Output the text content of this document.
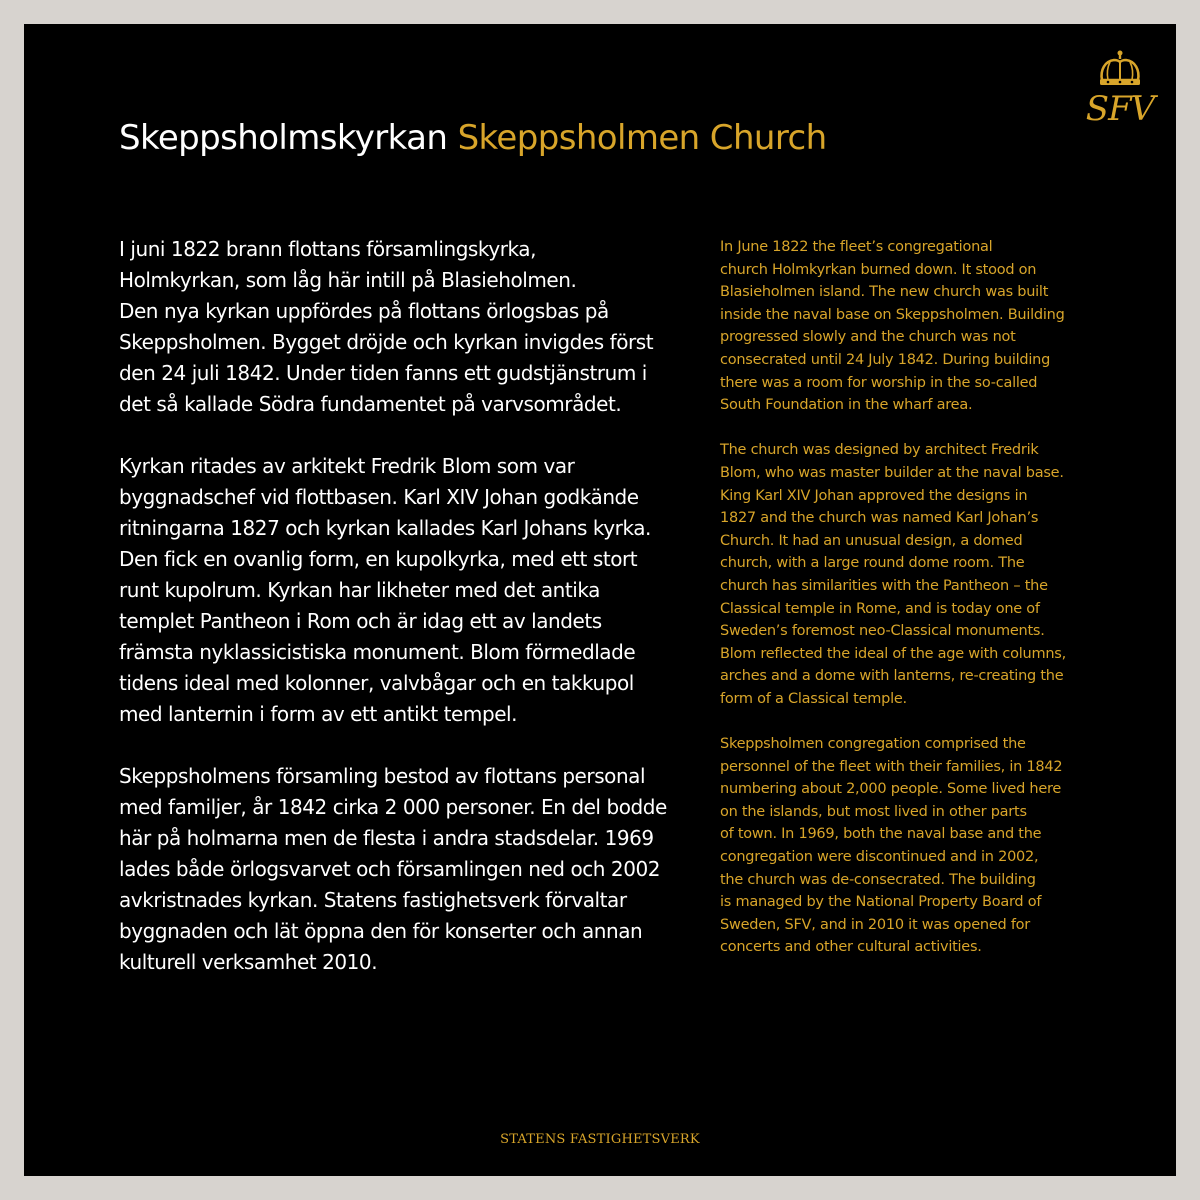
SFV
Skeppsholmskyrkan Skeppsholmen Church

I juni 1822 brann flottans församlingskyrka,
Holmkyrkan, som låg här intill på Blasieholmen.
Den nya kyrkan uppfördes på flottans örlogsbas på
Skeppsholmen. Bygget dröjde och kyrkan invigdes först
den 24 juli 1842. Under tiden fanns ett gudstjänstrum i
det så kallade Södra fundamentet på varvsområdet.

Kyrkan ritades av arkitekt Fredrik Blom som var
byggnadschef vid flottbasen. Karl XIV Johan godkände
ritningarna 1827 och kyrkan kallades Karl Johans kyrka.
Den fick en ovanlig form, en kupolkyrka, med ett stort
runt kupolrum. Kyrkan har likheter med det antika
templet Pantheon i Rom och är idag ett av landets
främsta nyklassicistiska monument. Blom förmedlade
tidens ideal med kolonner, valvbågar och en takkupol
med lanternin i form av ett antikt tempel.

Skeppsholmens församling bestod av flottans personal
med familjer, år 1842 cirka 2 000 personer. En del bodde
här på holmarna men de flesta i andra stadsdelar. 1969
lades både örlogsvarvet och församlingen ned och 2002
avkristnades kyrkan. Statens fastighetsverk förvaltar
byggnaden och lät öppna den för konserter och annan
kulturell verksamhet 2010.

In June 1822 the fleet’s congregational
church Holmkyrkan burned down. It stood on
Blasieholmen island. The new church was built
inside the naval base on Skeppsholmen. Building
progressed slowly and the church was not
consecrated until 24 July 1842. During building
there was a room for worship in the so-called
South Foundation in the wharf area.

The church was designed by architect Fredrik
Blom, who was master builder at the naval base.
King Karl XIV Johan approved the designs in
1827 and the church was named Karl Johan’s
Church. It had an unusual design, a domed
church, with a large round dome room. The
church has similarities with the Pantheon – the
Classical temple in Rome, and is today one of
Sweden’s foremost neo-Classical monuments.
Blom reflected the ideal of the age with columns,
arches and a dome with lanterns, re-creating the
form of a Classical temple.

Skeppsholmen congregation comprised the
personnel of the fleet with their families, in 1842
numbering about 2,000 people. Some lived here
on the islands, but most lived in other parts
of town. In 1969, both the naval base and the
congregation were discontinued and in 2002,
the church was de-consecrated. The building
is managed by the National Property Board of
Sweden, SFV, and in 2010 it was opened for
concerts and other cultural activities.

STATENS FASTIGHETSVERK
